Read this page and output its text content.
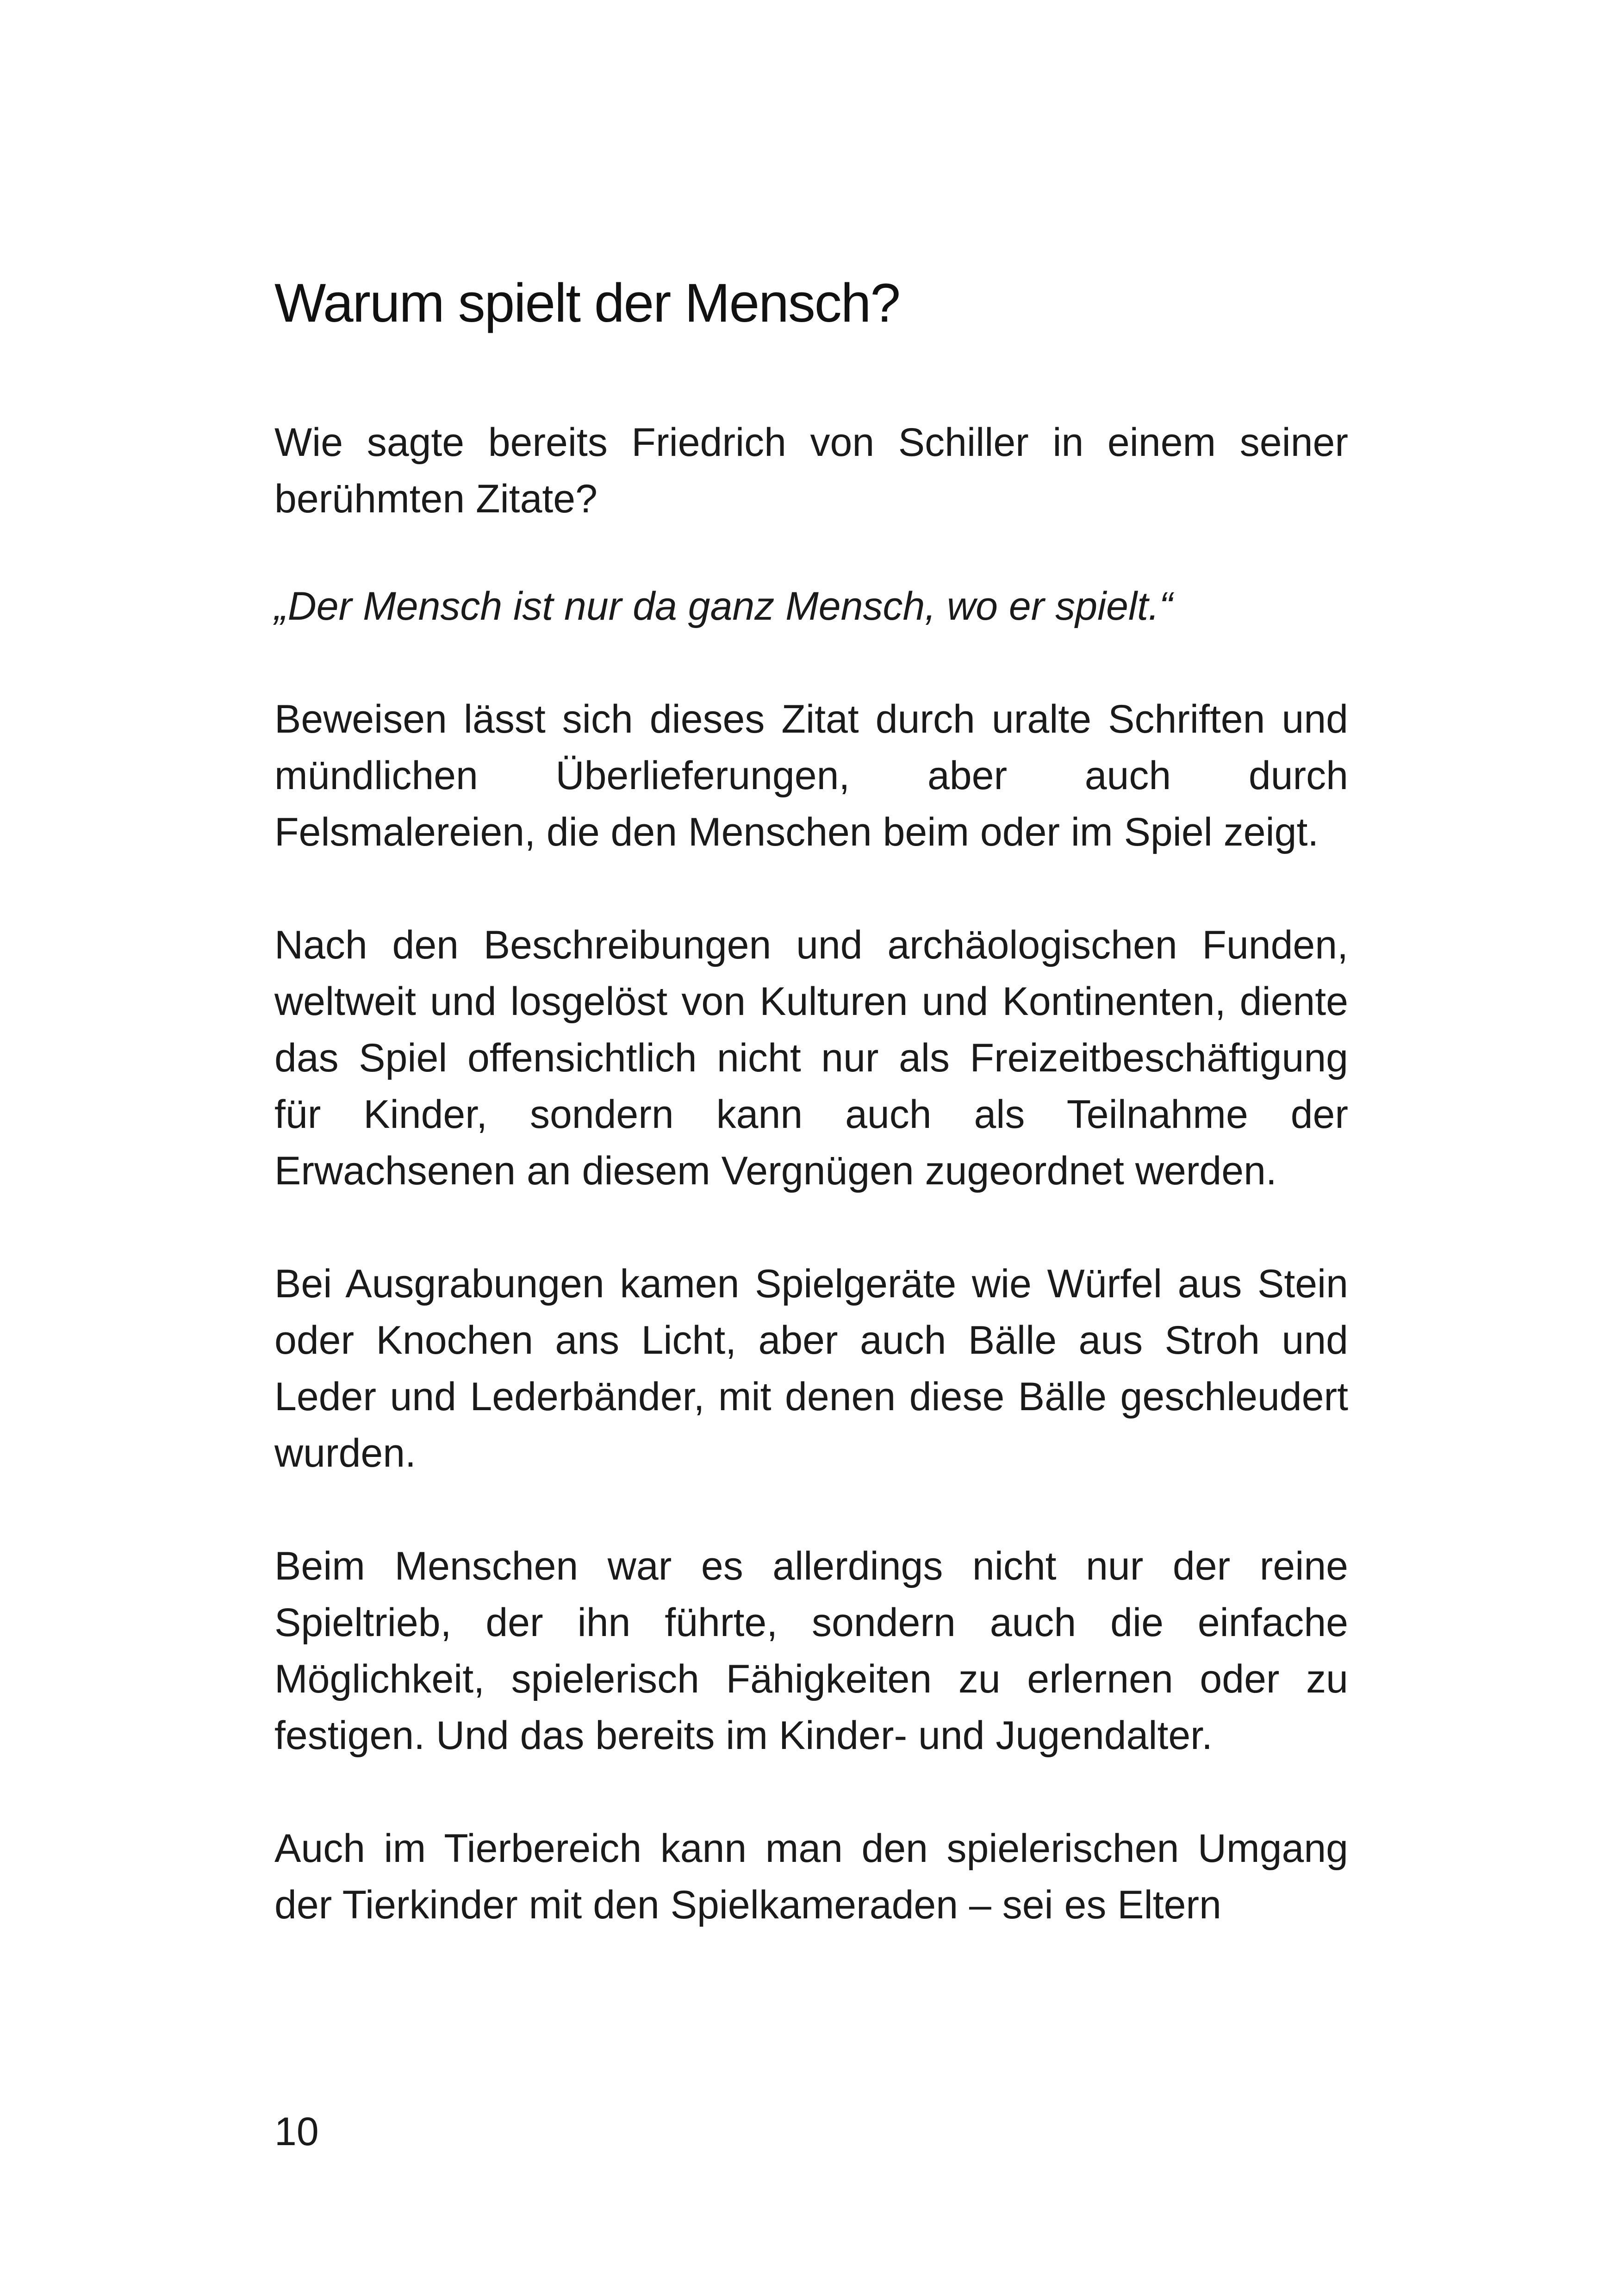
Warum spielt der Mensch?

Wie sagte bereits Friedrich von Schiller in einem seiner berühmten Zitate?

„Der Mensch ist nur da ganz Mensch, wo er spielt.“

Beweisen lässt sich dieses Zitat durch uralte Schriften und mündlichen Überlieferungen, aber auch durch Felsmalereien, die den Menschen beim oder im Spiel zeigt.

Nach den Beschreibungen und archäologischen Funden, weltweit und losgelöst von Kulturen und Kontinenten, diente das Spiel offensichtlich nicht nur als Freizeitbeschäftigung für Kinder, sondern kann auch als Teilnahme der Erwachsenen an diesem Vergnügen zugeordnet werden.

Bei Ausgrabungen kamen Spielgeräte wie Würfel aus Stein oder Knochen ans Licht, aber auch Bälle aus Stroh und Leder und Lederbänder, mit denen diese Bälle geschleudert wurden.

Beim Menschen war es allerdings nicht nur der reine Spieltrieb, der ihn führte, sondern auch die einfache Möglichkeit, spielerisch Fähigkeiten zu erlernen oder zu festigen. Und das bereits im Kinder- und Jugendalter.

Auch im Tierbereich kann man den spielerischen Umgang der Tierkinder mit den Spielkameraden – sei es Eltern

10
